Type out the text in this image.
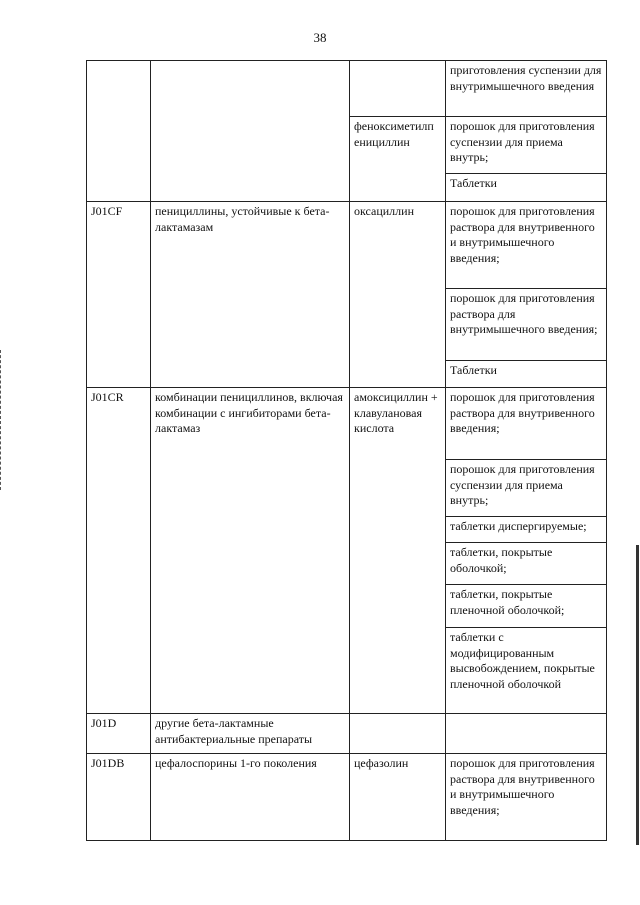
38
			приготовления суспензии для внутримышечного введения
		феноксиметилп енициллин	порошок для приготовления суспензии для приема внутрь;
			Таблетки
J01CF	пенициллины, устойчивые к бета-лактамазам	оксациллин	порошок для приготовления раствора для внутривенного и внутримышечного введения;
			порошок для приготовления раствора для внутримышечного введения;
			Таблетки
J01CR	комбинации пенициллинов, включая комбинации с ингибиторами бета-лактамаз	амоксициллин + клавулановая кислота	порошок для приготовления раствора для внутривенного введения;
			порошок для приготовления суспензии для приема внутрь;
			таблетки диспергируемые;
			таблетки, покрытые оболочкой;
			таблетки, покрытые пленочной оболочкой;
			таблетки с модифицированным высвобождением, покрытые пленочной оболочкой
J01D	другие бета-лактамные антибактериальные препараты		
J01DB	цефалоспорины 1-го поколения	цефазолин	порошок для приготовления раствора для внутривенного и внутримышечного введения;
